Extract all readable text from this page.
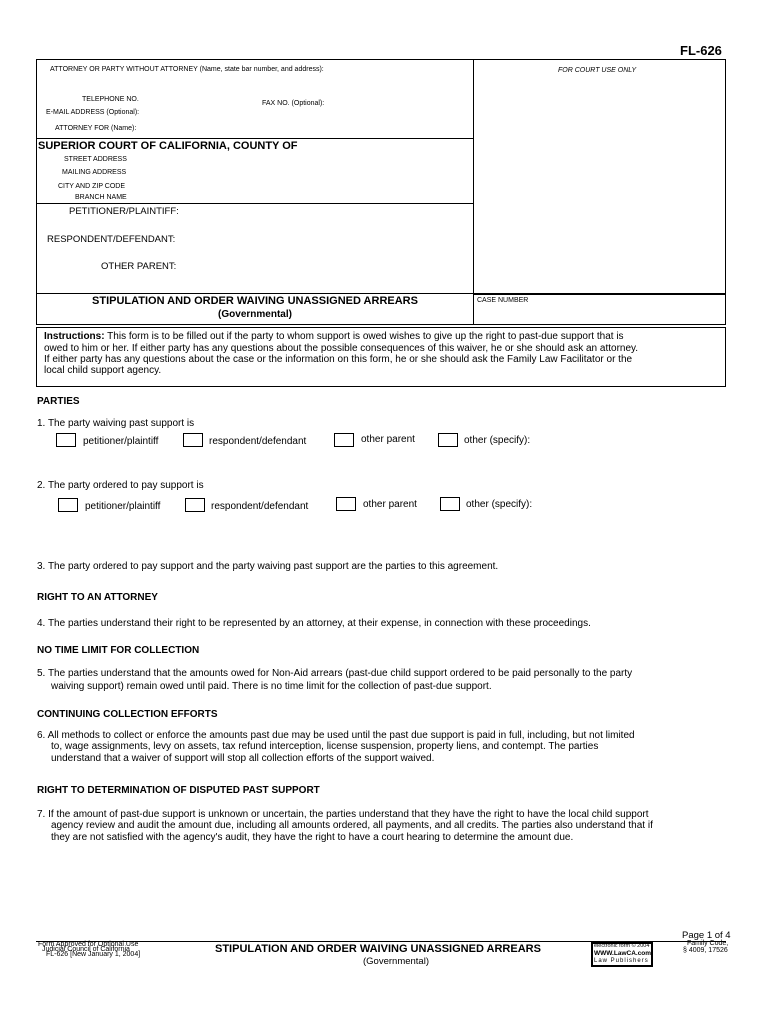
FL-626
ATTORNEY OR PARTY WITHOUT ATTORNEY (Name, state bar number, and address):	FOR COURT USE ONLY
TELEPHONE NO.
FAX NO. (Optional):
E-MAIL ADDRESS (Optional):
ATTORNEY FOR (Name):
SUPERIOR COURT OF CALIFORNIA, COUNTY OF
STREET ADDRESS
MAILING ADDRESS
CITY AND ZIP CODE
BRANCH NAME
PETITIONER/PLAINTIFF:
RESPONDENT/DEFENDANT:
OTHER PARENT:
STIPULATION AND ORDER WAIVING UNASSIGNED ARREARS
(Governmental)
CASE NUMBER
Instructions: This form is to be filled out if the party to whom support is owed wishes to give up the right to past-due support that is
owed to him or her. If either party has any questions about the possible consequences of this waiver, he or she should ask an attorney.
If either party has any questions about the case or the information on this form, he or she should ask the Family Law Facilitator or the
local child support agency.
PARTIES
1. The party waiving past support is
petitioner/plaintiff	respondent/defendant	other parent	other (specify):
2. The party ordered to pay support is
petitioner/plaintiff	respondent/defendant	other parent	other (specify):
3. The party ordered to pay support and the party waiving past support are the parties to this agreement.
RIGHT TO AN ATTORNEY
4. The parties understand their right to be represented by an attorney, at their expense, in connection with these proceedings.
NO TIME LIMIT FOR COLLECTION
5. The parties understand that the amounts owed for Non-Aid arrears (past-due child support ordered to be paid personally to the party
waiving support) remain owed until paid. There is no time limit for the collection of past-due support.
CONTINUING COLLECTION EFFORTS
6. All methods to collect or enforce the amounts past due may be used until the past due support is paid in full, including, but not limited
to, wage assignments, levy on assets, tax refund interception, license suspension, property liens, and contempt. The parties
understand that a waiver of support will stop all collection efforts of the support waived.
RIGHT TO DETERMINATION OF DISPUTED PAST SUPPORT
7. If the amount of past-due support is unknown or uncertain, the parties understand that they have the right to have the local child support
agency review and audit the amount due, including all amounts ordered, all payments, and all credits. The parties also understand that if
they are not satisfied with the agency's audit, they have the right to have a court hearing to determine the amount due.
Page 1 of 4
Form Approved for Optional Use
Judicial Council of California
FL-626 [New January 1, 2004]	STIPULATION AND ORDER WAIVING UNASSIGNED ARREARS
(Governmental)
electronic form © 2004
WWW.LawCA.com
Law Publishers
Family Code,
§ 4009, 17526
